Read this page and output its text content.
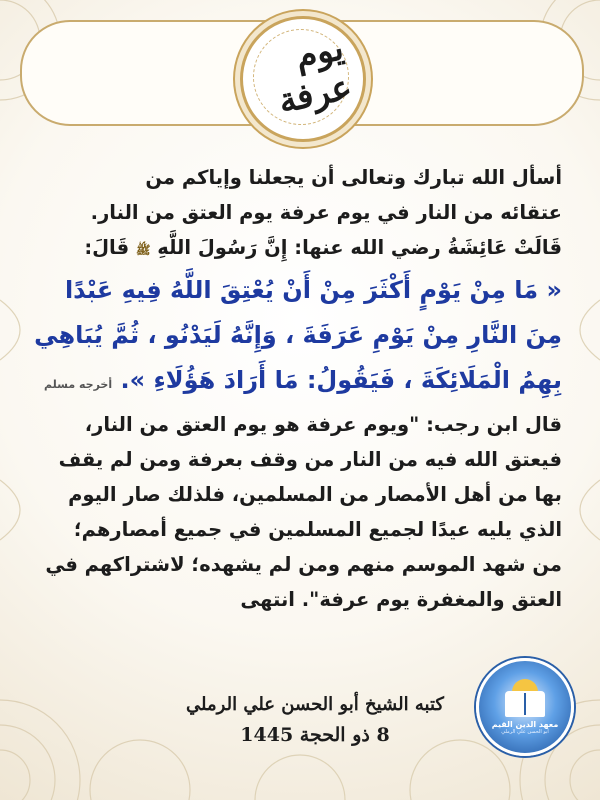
يوم عرفة

أسأل الله تبارك وتعالى أن يجعلنا وإياكم من

عتقائه من النار في يوم عرفة يوم العتق من النار.

قَالَتْ عَائِشَةُ رضي الله عنها: إِنَّ رَسُولَ اللَّهِ ﷺ قَالَ:

« مَا مِنْ يَوْمٍ أَكْثَرَ مِنْ أَنْ يُعْتِقَ اللَّهُ فِيهِ عَبْدًا

مِنَ النَّارِ مِنْ يَوْمِ عَرَفَةَ ، وَإِنَّهُ لَيَدْنُو ، ثُمَّ يُبَاهِي

بِهِمُ الْمَلَائِكَةَ ، فَيَقُولُ: مَا أَرَادَ هَؤُلَاءِ ». أخرجه مسلم

قال ابن رجب: "ويوم عرفة هو يوم العتق من النار،

فيعتق الله فيه من النار من وقف بعرفة ومن لم يقف

بها من أهل الأمصار من المسلمين، فلذلك صار اليوم

الذي يليه عيدًا لجميع المسلمين في جميع أمصارهم؛

من شهد الموسم منهم ومن لم يشهده؛ لاشتراكهم في

العتق والمغفرة يوم عرفة". انتهى

كتبه الشيخ أبو الحسن علي الرملي
8 ذو الحجة 1445	معهد الدين القيم
أبو الحسن علي الرملي
